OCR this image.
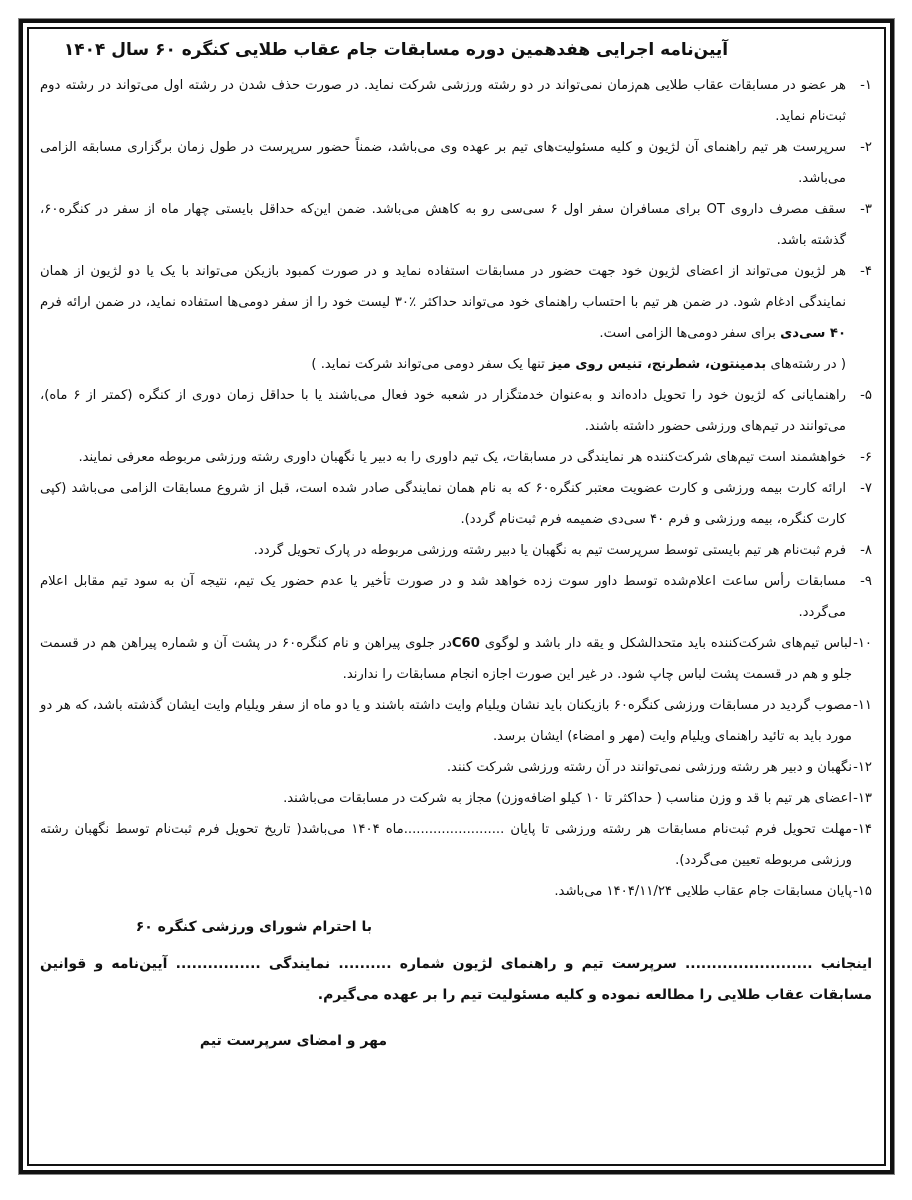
آیین‌نامه اجرایی هفدهمین دوره مسابقات جام عقاب طلایی کنگره ۶۰ سال ۱۴۰۴
۱-
هر عضو در مسابقات عقاب طلایی هم‌زمان نمی‌تواند در دو رشته ورزشی شرکت نماید. در صورت حذف شدن در رشته اول می‌تواند در رشته دوم ثبت‌نام نماید.
۲-
سرپرست هر تیم راهنمای آن لژیون و کلیه مسئولیت‌های تیم بر عهده وی می‌باشد، ضمناً حضور سرپرست در طول زمان برگزاری مسابقه الزامی می‌باشد.
۳-
سقف مصرف داروی OT برای مسافران سفر اول ۶ سی‌سی رو به کاهش می‌باشد. ضمن این‌که حداقل بایستی چهار ماه از سفر در کنگره۶۰، گذشته باشد.
۴-
هر لژیون می‌تواند از اعضای لژیون خود جهت حضور در مسابقات استفاده نماید و در صورت کمبود بازیکن می‌تواند با یک یا دو لژیون از همان نمایندگی ادغام شود. در ضمن هر تیم با احتساب راهنمای خود می‌تواند حداکثر ٪۳۰ لیست خود را از سفر دومی‌ها استفاده نماید، در ضمن ارائه فرم ۴۰ سی‌دی برای سفر دومی‌ها الزامی است.
( در رشته‌های بدمینتون، شطرنج، تنیس روی میز تنها یک سفر دومی می‌تواند شرکت نماید. )
۵-
راهنمایانی که لژیون خود را تحویل داده‌اند و به‌عنوان خدمتگزار در شعبه خود فعال می‌باشند یا با حداقل زمان دوری از کنگره (کمتر از ۶ ماه)، می‌توانند در تیم‌های ورزشی حضور داشته باشند.
۶-
خواهشمند است تیم‌های شرکت‌کننده هر نمایندگی در مسابقات، یک تیم داوری را به دبیر یا نگهبان داوری رشته ورزشی مربوطه معرفی نمایند.
۷-
ارائه کارت بیمه ورزشی و کارت عضویت معتبر کنگره۶۰ که به نام همان نمایندگی صادر شده است، قبل از شروع مسابقات الزامی می‌باشد (کپی کارت کنگره، بیمه ورزشی و فرم ۴۰ سی‌دی ضمیمه فرم ثبت‌نام گردد).
۸-
فرم ثبت‌نام هر تیم بایستی توسط سرپرست تیم به نگهبان یا دبیر رشته ورزشی مربوطه در پارک تحویل گردد.
۹-
مسابقات رأس ساعت اعلام‌شده توسط داور سوت زده خواهد شد و در صورت تأخیر یا عدم حضور یک تیم، نتیجه آن به سود تیم مقابل اعلام می‌گردد.
۱۰-
لباس تیم‌های شرکت‌کننده باید متحدالشکل و یقه دار باشد و لوگوی C60در جلوی پیراهن و نام کنگره۶۰ در پشت آن و شماره پیراهن هم در قسمت جلو و هم در قسمت پشت لباس چاپ شود. در غیر این صورت اجازه انجام مسابقات را ندارند.
۱۱-
مصوب گردید در مسابقات ورزشی کنگره۶۰ بازیکنان باید نشان ویلیام وایت داشته باشند و یا دو ماه از سفر ویلیام وایت ایشان گذشته باشد، که هر دو مورد باید به تائید راهنمای ویلیام وایت (مهر و امضاء) ایشان برسد.
۱۲-
نگهبان و دبیر هر رشته ورزشی نمی‌توانند در آن رشته ورزشی شرکت کنند.
۱۳-
اعضای هر تیم با قد و وزن مناسب ( حداکثر تا ۱۰ کیلو اضافه‌وزن) مجاز به شرکت در مسابقات می‌باشند.
۱۴-
مهلت تحویل فرم ثبت‌نام مسابقات هر رشته ورزشی تا پایان ........................ماه ۱۴۰۴ می‌باشد( تاریخ تحویل فرم ثبت‌نام توسط نگهبان رشته ورزشی مربوطه تعیین می‌گردد).
۱۵-
پایان مسابقات جام عقاب طلایی ۱۴۰۴/۱۱/۲۴ می‌باشد.
با احترام شورای ورزشی کنگره ۶۰
اینجانب ........................ سرپرست تیم و راهنمای لژیون شماره .......... نمایندگی ................ آیین‌نامه و قوانین مسابقات عقاب طلایی را مطالعه نموده و کلیه مسئولیت تیم را بر عهده می‌گیرم.
مهر و امضای سرپرست تیم
